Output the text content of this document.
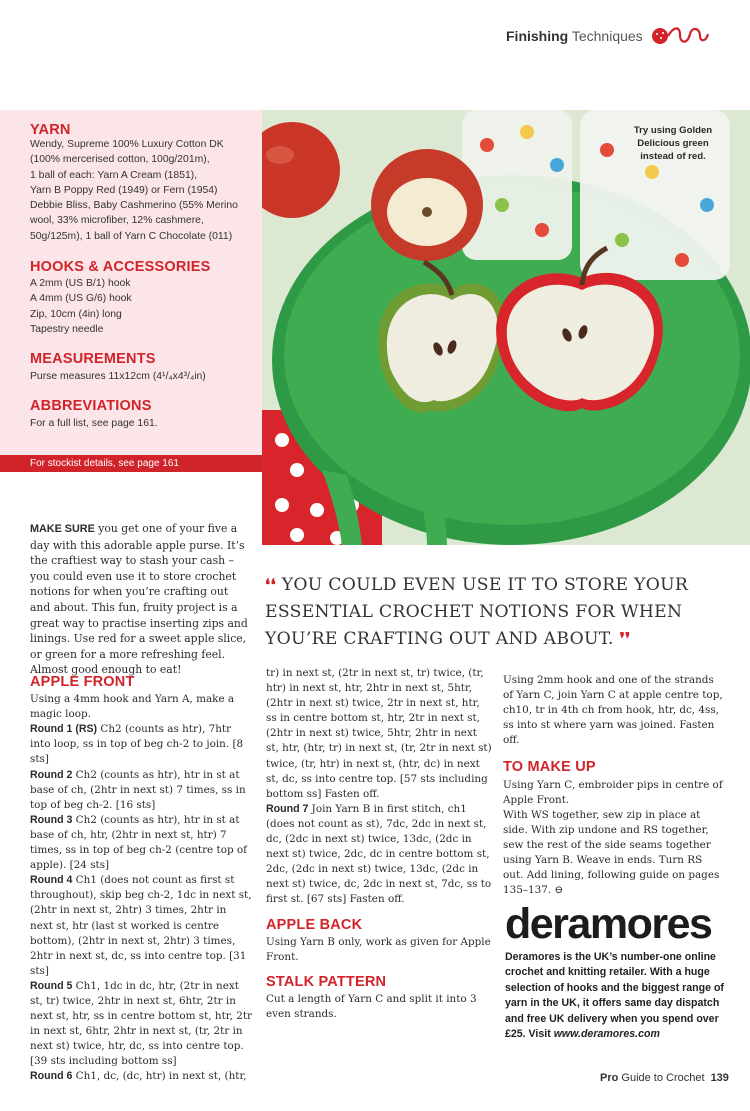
Finishing Techniques
YARN
Wendy, Supreme 100% Luxury Cotton DK
(100% mercerised cotton, 100g/201m),
1 ball of each: Yarn A Cream (1851),
Yarn B Poppy Red (1949) or Fern (1954)
Debbie Bliss, Baby Cashmerino (55% Merino
wool, 33% microfiber, 12% cashmere,
50g/125m), 1 ball of Yarn C Chocolate (011)
HOOKS & ACCESSORIES
A 2mm (US B/1) hook
A 4mm (US G/6) hook
Zip, 10cm (4in) long
Tapestry needle
MEASUREMENTS
Purse measures 11x12cm (4¹/₄x4³/₄in)
ABBREVIATIONS
For a full list, see page 161.
For stockist details, see page 161
Try using Golden Delicious green instead of red.
MAKE SURE you get one of your five a day with this adorable apple purse. It’s the craftiest way to stash your cash – you could even use it to store crochet notions for when you’re crafting out and about. This fun, fruity project is a great way to practise inserting zips and linings. Use red for a sweet apple slice, or green for a more refreshing feel. Almost good enough to eat!
❛❛ YOU COULD EVEN USE IT TO STORE YOUR ESSENTIAL CROCHET NOTIONS FOR WHEN YOU’RE CRAFTING OUT AND ABOUT. ❜❜
APPLE FRONT
Using a 4mm hook and Yarn A, make a magic loop.
Round 1 (RS) Ch2 (counts as htr), 7htr into loop, ss in top of beg ch-2 to join. [8 sts]
Round 2 Ch2 (counts as htr), htr in st at base of ch, (2htr in next st) 7 times, ss in top of beg ch-2. [16 sts]
Round 3 Ch2 (counts as htr), htr in st at base of ch, htr, (2htr in next st, htr) 7 times, ss in top of beg ch-2 (centre top of apple). [24 sts]
Round 4 Ch1 (does not count as first st throughout), skip beg ch-2, 1dc in next st, (2htr in next st, 2htr) 3 times, 2htr in next st, htr (last st worked is centre bottom), (2htr in next st, 2htr) 3 times, 2htr in next st, dc, ss into centre top. [31 sts]
Round 5 Ch1, 1dc in dc, htr, (2tr in next st, tr) twice, 2htr in next st, 6htr, 2tr in next st, htr, ss in centre bottom st, htr, 2tr in next st, 6htr, 2htr in next st, (tr, 2tr in next st) twice, htr, dc, ss into centre top. [39 sts including bottom ss]
Round 6 Ch1, dc, (dc, htr) in next st, (htr,
tr) in next st, (2tr in next st, tr) twice, (tr, htr) in next st, htr, 2htr in next st, 5htr, (2htr in next st) twice, 2tr in next st, htr, ss in centre bottom st, htr, 2tr in next st, (2htr in next st) twice, 5htr, 2htr in next st, htr, (htr, tr) in next st, (tr, 2tr in next st) twice, (tr, htr) in next st, (htr, dc) in next st, dc, ss into centre top. [57 sts including bottom ss] Fasten off.
Round 7 Join Yarn B in first stitch, ch1 (does not count as st), 7dc, 2dc in next st, dc, (2dc in next st) twice, 13dc, (2dc in next st) twice, 2dc, dc in centre bottom st, 2dc, (2dc in next st) twice, 13dc, (2dc in next st) twice, dc, 2dc in next st, 7dc, ss to first st. [67 sts] Fasten off.
APPLE BACK
Using Yarn B only, work as given for Apple Front.
STALK PATTERN
Cut a length of Yarn C and split it into 3 even strands.
Using 2mm hook and one of the strands of Yarn C, join Yarn C at apple centre top, ch10, tr in 4th ch from hook, htr, dc, 4ss, ss into st where yarn was joined. Fasten off.
TO MAKE UP
Using Yarn C, embroider pips in centre of Apple Front.
With WS together, sew zip in place at side. With zip undone and RS together, sew the rest of the side seams together using Yarn B. Weave in ends. Turn RS out. Add lining, following guide on pages 135–137. ⊖
deramores
Deramores is the UK’s number-one online crochet and knitting retailer. With a huge selection of hooks and the biggest range of yarn in the UK, it offers same day dispatch and free UK delivery when you spend over £25. Visit www.deramores.com
Pro Guide to Crochet 139
